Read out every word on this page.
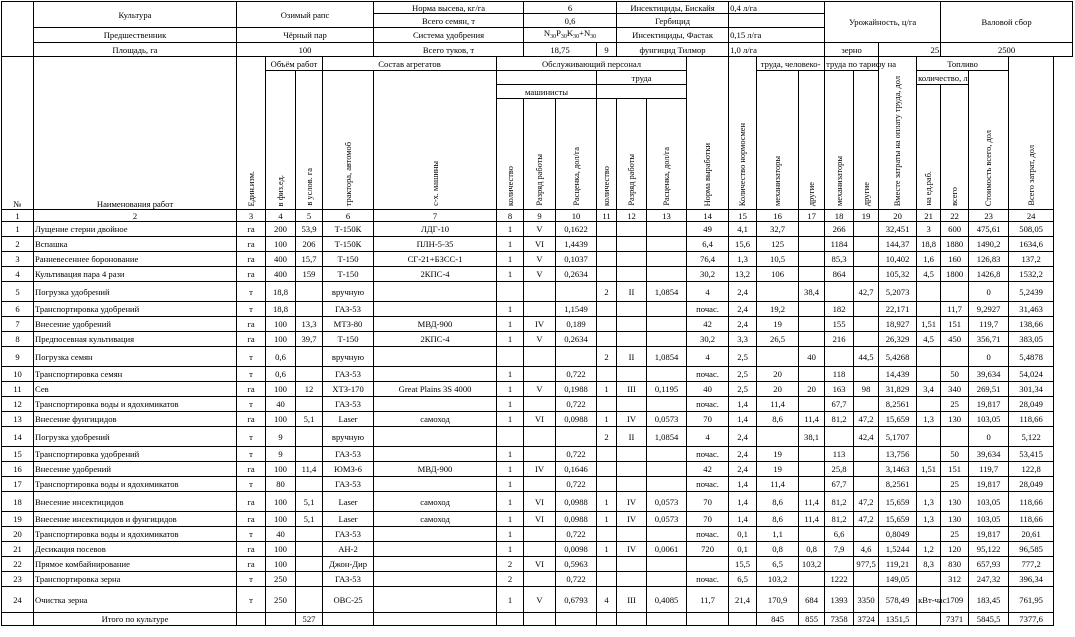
	Культура	Озимый рапс				Норма высева, кг/га		6			Инсектициды, Бискайя			0,4 л/га			Урожайность, ц/га				Валовой сбор		
						Всего семян, т		0,6			Гербицид												
	Предшественник	Чёрный пар				Система удобрения		$N_{30}P_{30}K_{30}+N_{30}$			Инсектициды, Фастак			0,15 л/га									
	Площадь, га	100				Всего туков, т		18,75		9	фунгицид Тилмор			1,0 л/га			зерно		25		2500		
№	Наименования работ	Един.изм.	Объём работ		Состав агрегатов		Обслуживающий персонал						Норма выработки	Количество нормосмен	труда, человеко-		труда по тарифу на		Вместе затраты на оплату труда, дол	Топливо			Всего затрат, дол

			в физ.ед.	в услов. га	трактора, автомоб	с-х. машины				труда					механизаторы	другие	механизаторы	другие		количество, л		Стоимость всего, дол	

							машинисты													на ед.раб.	всего		

							количество	Разряд работы	Расценка, дол/га	количество	Разряд работы	Расценка, дол/га											

1	2	3	4	5	6	7	8	9	10	11	12	13	14	15	16	17	18	19	20	21	22	23	24
1	Лущение стерни двойное	га	200	53,9	Т-150К	ЛДГ-10	1	V	0,1622				49	4,1	32,7		266		32,451	3	600	475,61	508,05
2	Вспашка	га	100	206	Т-150К	ПЛН-5-35	1	VI	1,4439				6,4	15,6	125		1184		144,37	18,8	1880	1490,2	1634,6
3	Ранневесеннее боронование	га	400	15,7	Т-150	СГ-21+БЗСС-1	1	V	0,1037				76,4	1,3	10,5		85,3		10,402	1,6	160	126,83	137,2
4	Культивация пара 4 рази	га	400	159	Т-150	2КПС-4	1	V	0,2634				30,2	13,2	106		864		105,32	4,5	1800	1426,8	1532,2
5	Погрузка удобрений	т	18,8		вручную					2	II	1,0854	4	2,4		38,4		42,7	5,2073			0	5,2439
6	Транспортировка удобрений	т	18,8		ГАЗ-53		1		1,1549				почас.	2,4	19,2		182		22,171		11,7	9,2927	31,463
7	Внесение удобрений	га	100	13,3	МТЗ-80	МВД-900	1	IV	0,189				42	2,4	19		155		18,927	1,51	151	119,7	138,66
8	Предпосевная культивация	га	100	39,7	Т-150	2КПС-4	1	V	0,2634				30,2	3,3	26,5		216		26,329	4,5	450	356,71	383,05
9	Погрузка семян	т	0,6		вручную					2	II	1,0854	4	2,5		40		44,5	5,4268			0	5,4878
10	Транспортировка семян	т	0,6		ГАЗ-53		1		0,722				почас.	2,5	20		118		14,439		50	39,634	54,024
11	Сев	га	100	12	ХТЗ-170	Great Plains 3S 4000	1	V	0,1988	1	III	0,1195	40	2,5	20	20	163	98	31,829	3,4	340	269,51	301,34
12	Транспортировка воды и ядохимикатов	т	40		ГАЗ-53		1		0,722				почас.	1,4	11,4		67,7		8,2561		25	19,817	28,049
13	Внесение фунгицидов	га	100	5,1	Laser	самоход	1	VI	0,0988	1	IV	0,0573	70	1,4	8,6	11,4	81,2	47,2	15,659	1,3	130	103,05	118,66
14	Погрузка удобрений	т	9		вручную					2	II	1,0854	4	2,4		38,1		42,4	5,1707			0	5,122
15	Транспортировка удобрений	т	9		ГАЗ-53		1		0,722				почас.	2,4	19		113		13,756		50	39,634	53,415
16	Внесение удобрений	га	100	11,4	ЮМЗ-6	МВД-900	1	IV	0,1646				42	2,4	19		25,8		3,1463	1,51	151	119,7	122,8
17	Транспортировка воды и ядохимикатов	т	80		ГАЗ-53		1		0,722				почас.	1,4	11,4		67,7		8,2561		25	19,817	28,049
18	Внесение инсектицидов	га	100	5,1	Laser	самоход	1	VI	0,0988	1	IV	0,0573	70	1,4	8,6	11,4	81,2	47,2	15,659	1,3	130	103,05	118,66
19	Внесение инсектицидов и фунгицидов	га	100	5,1	Laser	самоход	1	VI	0,0988	1	IV	0,0573	70	1,4	8,6	11,4	81,2	47,2	15,659	1,3	130	103,05	118,66
20	Транспортировка воды и ядохимикатов	т	40		ГАЗ-53		1		0,722				почас.	0,1	1,1		6,6		0,8049		25	19,817	20,61
21	Десикация посевов	га	100		АН-2		1		0,0098	1	IV	0,0061	720	0,1	0,8	0,8	7,9	4,6	1,5244	1,2	120	95,122	96,585
22	Прямое комбайнирование	га	100		Джон-Дир		2	VI	0,5963					15,5	6,5	103,2		977,5	119,21	8,3	830	657,93	777,2
23	Транспортировка зерна	т	250		ГАЗ-53		2		0,722				почас.	6,5	103,2		1222		149,05		312	247,32	396,34
24	Очистка зерна	т	250		ОВС-25		1	V	0,6793	4	III	0,4085	11,7	21,4	170,9	684	1393	3350	578,49	кВт-час	1709	183,45	761,95
	Итого по культуре			527											845	855	7358	3724	1351,5		7371	5845,5	7377,6
